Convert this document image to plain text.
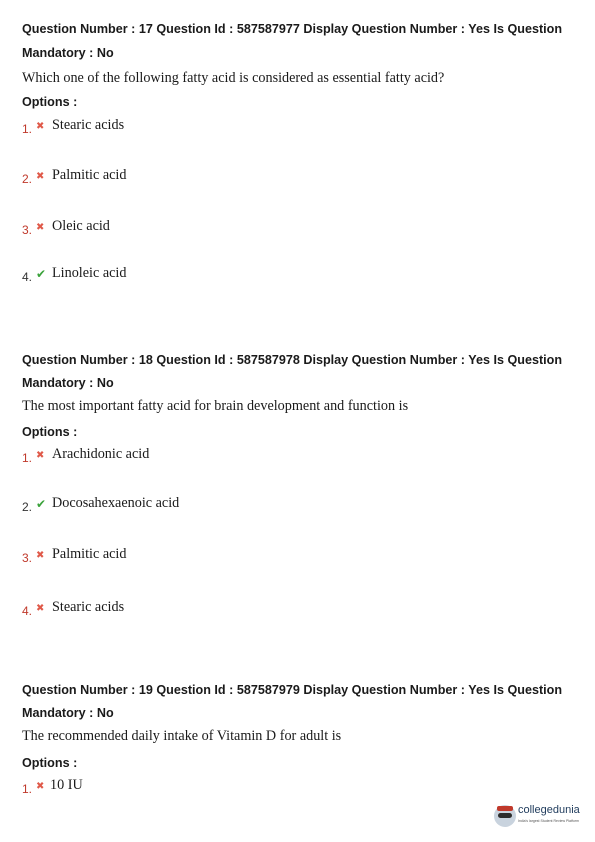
Question Number : 17 Question Id : 587587977 Display Question Number : Yes Is Question
Mandatory : No
Which one of the following fatty acid is considered as essential fatty acid?
Options :
1. ✖ Stearic acids
2. ✖ Palmitic acid
3. ✖ Oleic acid
4. ✔ Linoleic acid
Question Number : 18 Question Id : 587587978 Display Question Number : Yes Is Question
Mandatory : No
The most important fatty acid for brain development and function is
Options :
1. ✖ Arachidonic acid
2. ✔ Docosahexaenoic acid
3. ✖ Palmitic acid
4. ✖ Stearic acids
Question Number : 19 Question Id : 587587979 Display Question Number : Yes Is Question
Mandatory : No
The recommended daily intake of Vitamin D for adult is
Options :
1. ✖ 10 IU
collegedunia
India's largest Student Review Platform
